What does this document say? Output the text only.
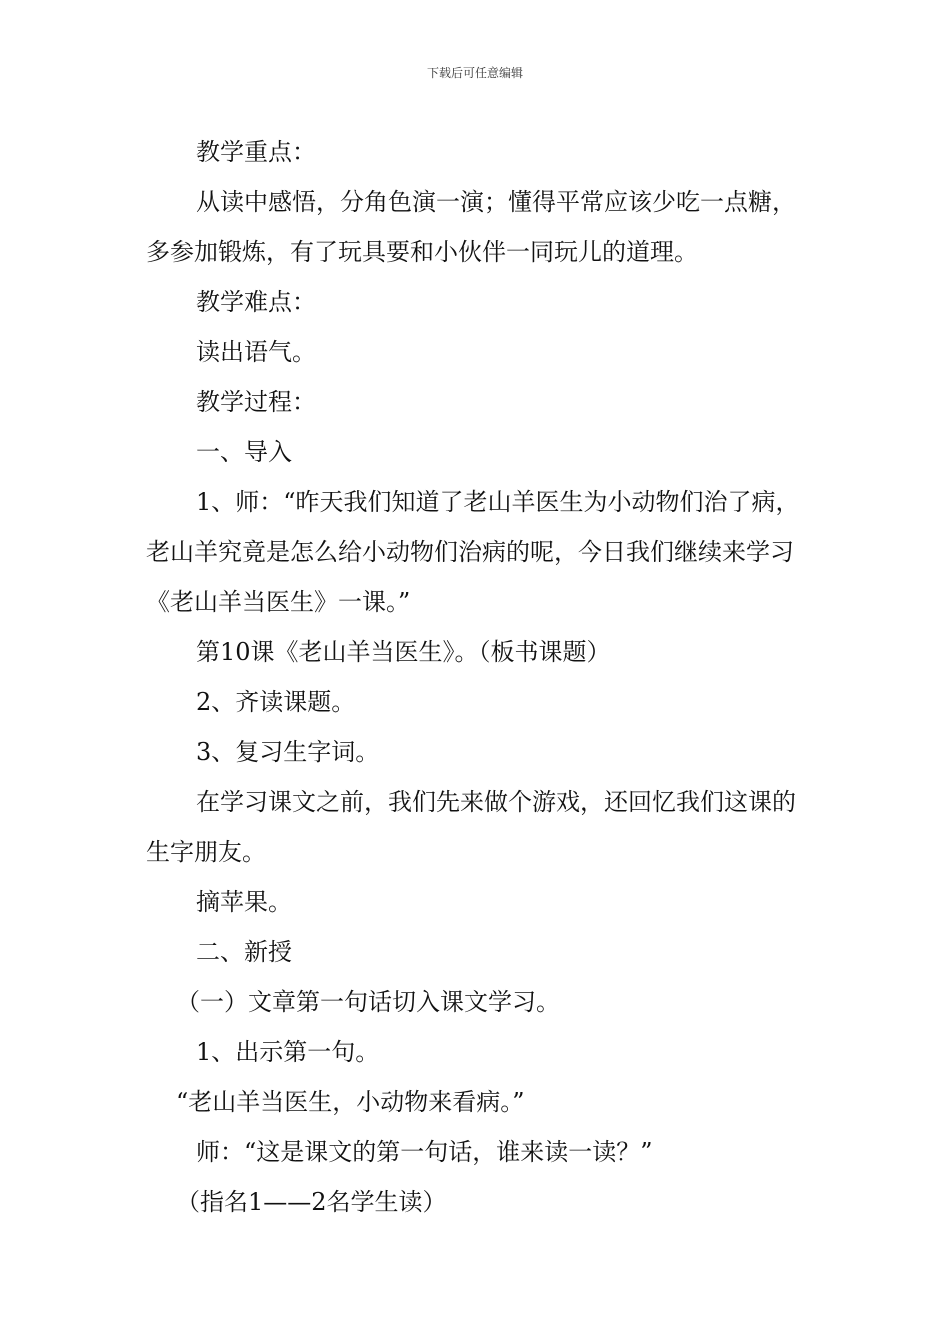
下载后可任意编辑

教学重点：

从读中感悟，分角色演一演；懂得平常应该少吃一点糖，多参加锻炼，有了玩具要和小伙伴一同玩儿的道理。

教学难点：

读出语气。

教学过程：

一、导入

1、师：“昨天我们知道了老山羊医生为小动物们治了病，老山羊究竟是怎么给小动物们治病的呢，今日我们继续来学习《老山羊当医生》一课。”

第10课《老山羊当医生》。（板书课题）

2、齐读课题。

3、复习生字词。

在学习课文之前，我们先来做个游戏，还回忆我们这课的生字朋友。

摘苹果。

二、新授

（一）文章第一句话切入课文学习。

1、出示第一句。

“老山羊当医生，小动物来看病。”

师：“这是课文的第一句话，谁来读一读？”

（指名1——2名学生读）
